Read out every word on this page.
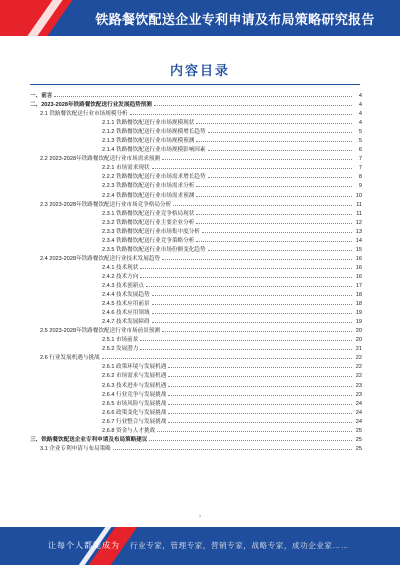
铁路餐饮配送企业专利申请及布局策略研究报告
内容目录
一、前言	4
二、2023-2028年铁路餐饮配送行业发展趋势预测	4
2.1 铁路餐饮配送行业市场规模分析	4
2.1.1 铁路餐饮配送行业市场规模现状	4
2.1.2 铁路餐饮配送行业市场规模增长趋势	5
2.1.3 铁路餐饮配送行业市场规模预测	5
2.1.4 铁路餐饮配送行业市场规模影响因素	6
2.2 2023-2028年铁路餐饮配送行业市场需求预测	7
2.2.1 市场需求现状	7
2.2.2 铁路餐饮配送行业市场需求增长趋势	8
2.2.3 铁路餐饮配送行业市场需求分析	9
2.2.4 铁路餐饮配送行业市场需求预测	10
2.3 2023-2028年铁路餐饮配送行业市场竞争格局分析	11
2.3.1 铁路餐饮配送行业竞争格局现状	11
2.3.2 铁路餐饮配送行业主要企业分析	12
2.3.3 铁路餐饮配送行业市场集中度分析	13
2.3.4 铁路餐饮配送行业竞争策略分析	14
2.3.5 铁路餐饮配送行业市场份额变化趋势	15
2.4 2023-2028年铁路餐饮配送行业技术发展趋势	16
2.4.1 技术现状	16
2.4.2 技术方向	16
2.4.3 技术创新点	17
2.4.4 技术发展趋势	18
2.4.5 技术应用前景	18
2.4.6 技术应用领域	19
2.4.7 技术发展障碍	19
2.5 2023-2028年铁路餐饮配送行业市场前景预测	20
2.5.1 市场前景	20
2.5.2 发展潜力	21
2.6 行业发展机遇与挑战	22
2.6.1 政策环境与发展机遇	22
2.6.2 市场需求与发展机遇	22
2.6.3 技术进步与发展机遇	23
2.6.4 行业竞争与发展挑战	23
2.6.5 市场风险与发展挑战	24
2.6.6 政策变化与发展挑战	24
2.6.7 行业整合与发展挑战	24
2.6.8 资金与人才挑战	25
三、铁路餐饮配送企业专利申请及布局策略建议	25
3.1 企业专利申请与布局策略	25
1
让每个人都能成为 行业专家，管理专家，营销专家，战略专家，成功企业家……
